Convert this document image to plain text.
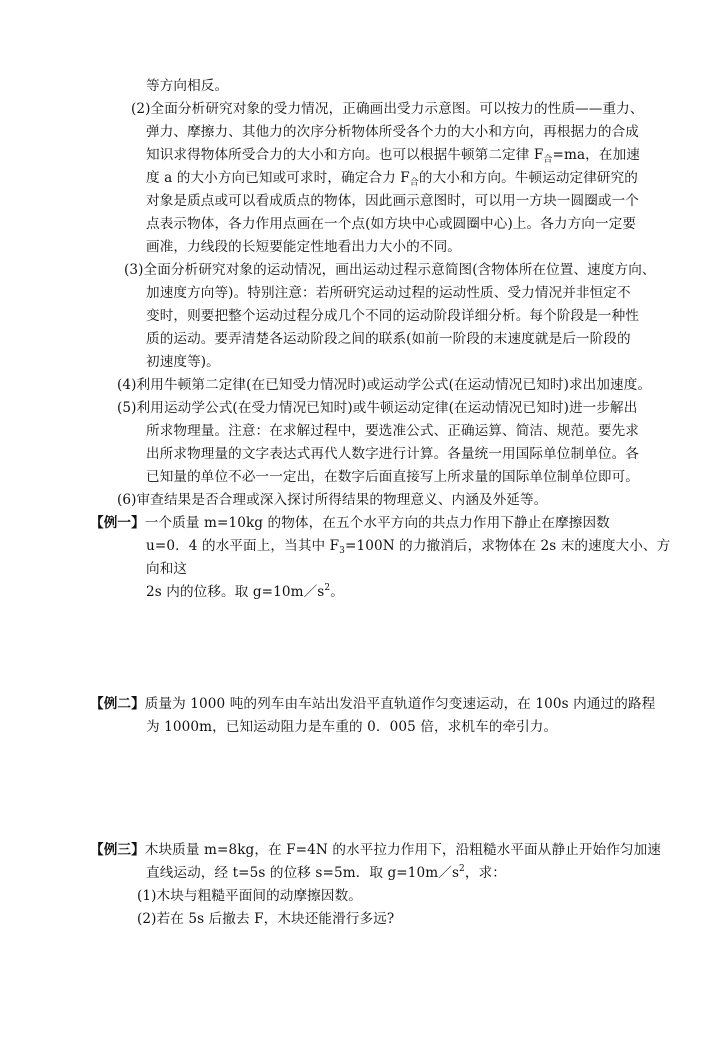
等方向相反。
(2)全面分析研究对象的受力情况，正确画出受力示意图。可以按力的性质——重力、
弹力、摩擦力、其他力的次序分析物体所受各个力的大小和方向，再根据力的合成
知识求得物体所受合力的大小和方向。也可以根据牛顿第二定律 $F_合=ma$，在加速
度 a 的大小方向已知或可求时，确定合力 $F_合$的大小和方向。牛顿运动定律研究的
对象是质点或可以看成质点的物体，因此画示意图时，可以用一方块一圆圈或一个
点表示物体，各力作用点画在一个点(如方块中心或圆圈中心)上。各力方向一定要
画准，力线段的长短要能定性地看出力大小的不同。
(3)全面分析研究对象的运动情况，画出运动过程示意简图(含物体所在位置、速度方向、
加速度方向等)。特别注意：若所研究运动过程的运动性质、受力情况并非恒定不
变时，则要把整个运动过程分成几个不同的运动阶段详细分析。每个阶段是一种性
质的运动。要弄清楚各运动阶段之间的联系(如前一阶段的末速度就是后一阶段的
初速度等)。
(4)利用牛顿第二定律(在已知受力情况时)或运动学公式(在运动情况已知时)求出加速度。
(5)利用运动学公式(在受力情况已知时)或牛顿运动定律(在运动情况已知时)进一步解出
所求物理量。注意：在求解过程中，要选准公式、正确运算、简洁、规范。要先求
出所求物理量的文字表达式再代人数字进行计算。各量统一用国际单位制单位。各
已知量的单位不必一一定出，在数字后面直接写上所求量的国际单位制单位即可。
(6)审查结果是否合理或深入探讨所得结果的物理意义、内涵及外延等。
【例一】一个质量 m=10kg 的物体，在五个水平方向的共点力作用下静止在摩擦因数
u=0．4 的水平面上，当其中 $F_3=100N$ 的力撤消后，求物体在 2s 末的速度大小、方
向和这
2s 内的位移。取 $g=10m/s^2$。
【例二】质量为 1000 吨的列车由车站出发沿平直轨道作匀变速运动，在 100s 内通过的路程
为 1000m，已知运动阻力是车重的 0．005 倍，求机车的牵引力。
【例三】木块质量 m=8kg，在 F=4N 的水平拉力作用下，沿粗糙水平面从静止开始作匀加速
直线运动，经 t=5s 的位移 s=5m．取 $g=10m/s^2$，求：
(1)木块与粗糙平面间的动摩擦因数。
(2)若在 5s 后撤去 F，木块还能滑行多远?
